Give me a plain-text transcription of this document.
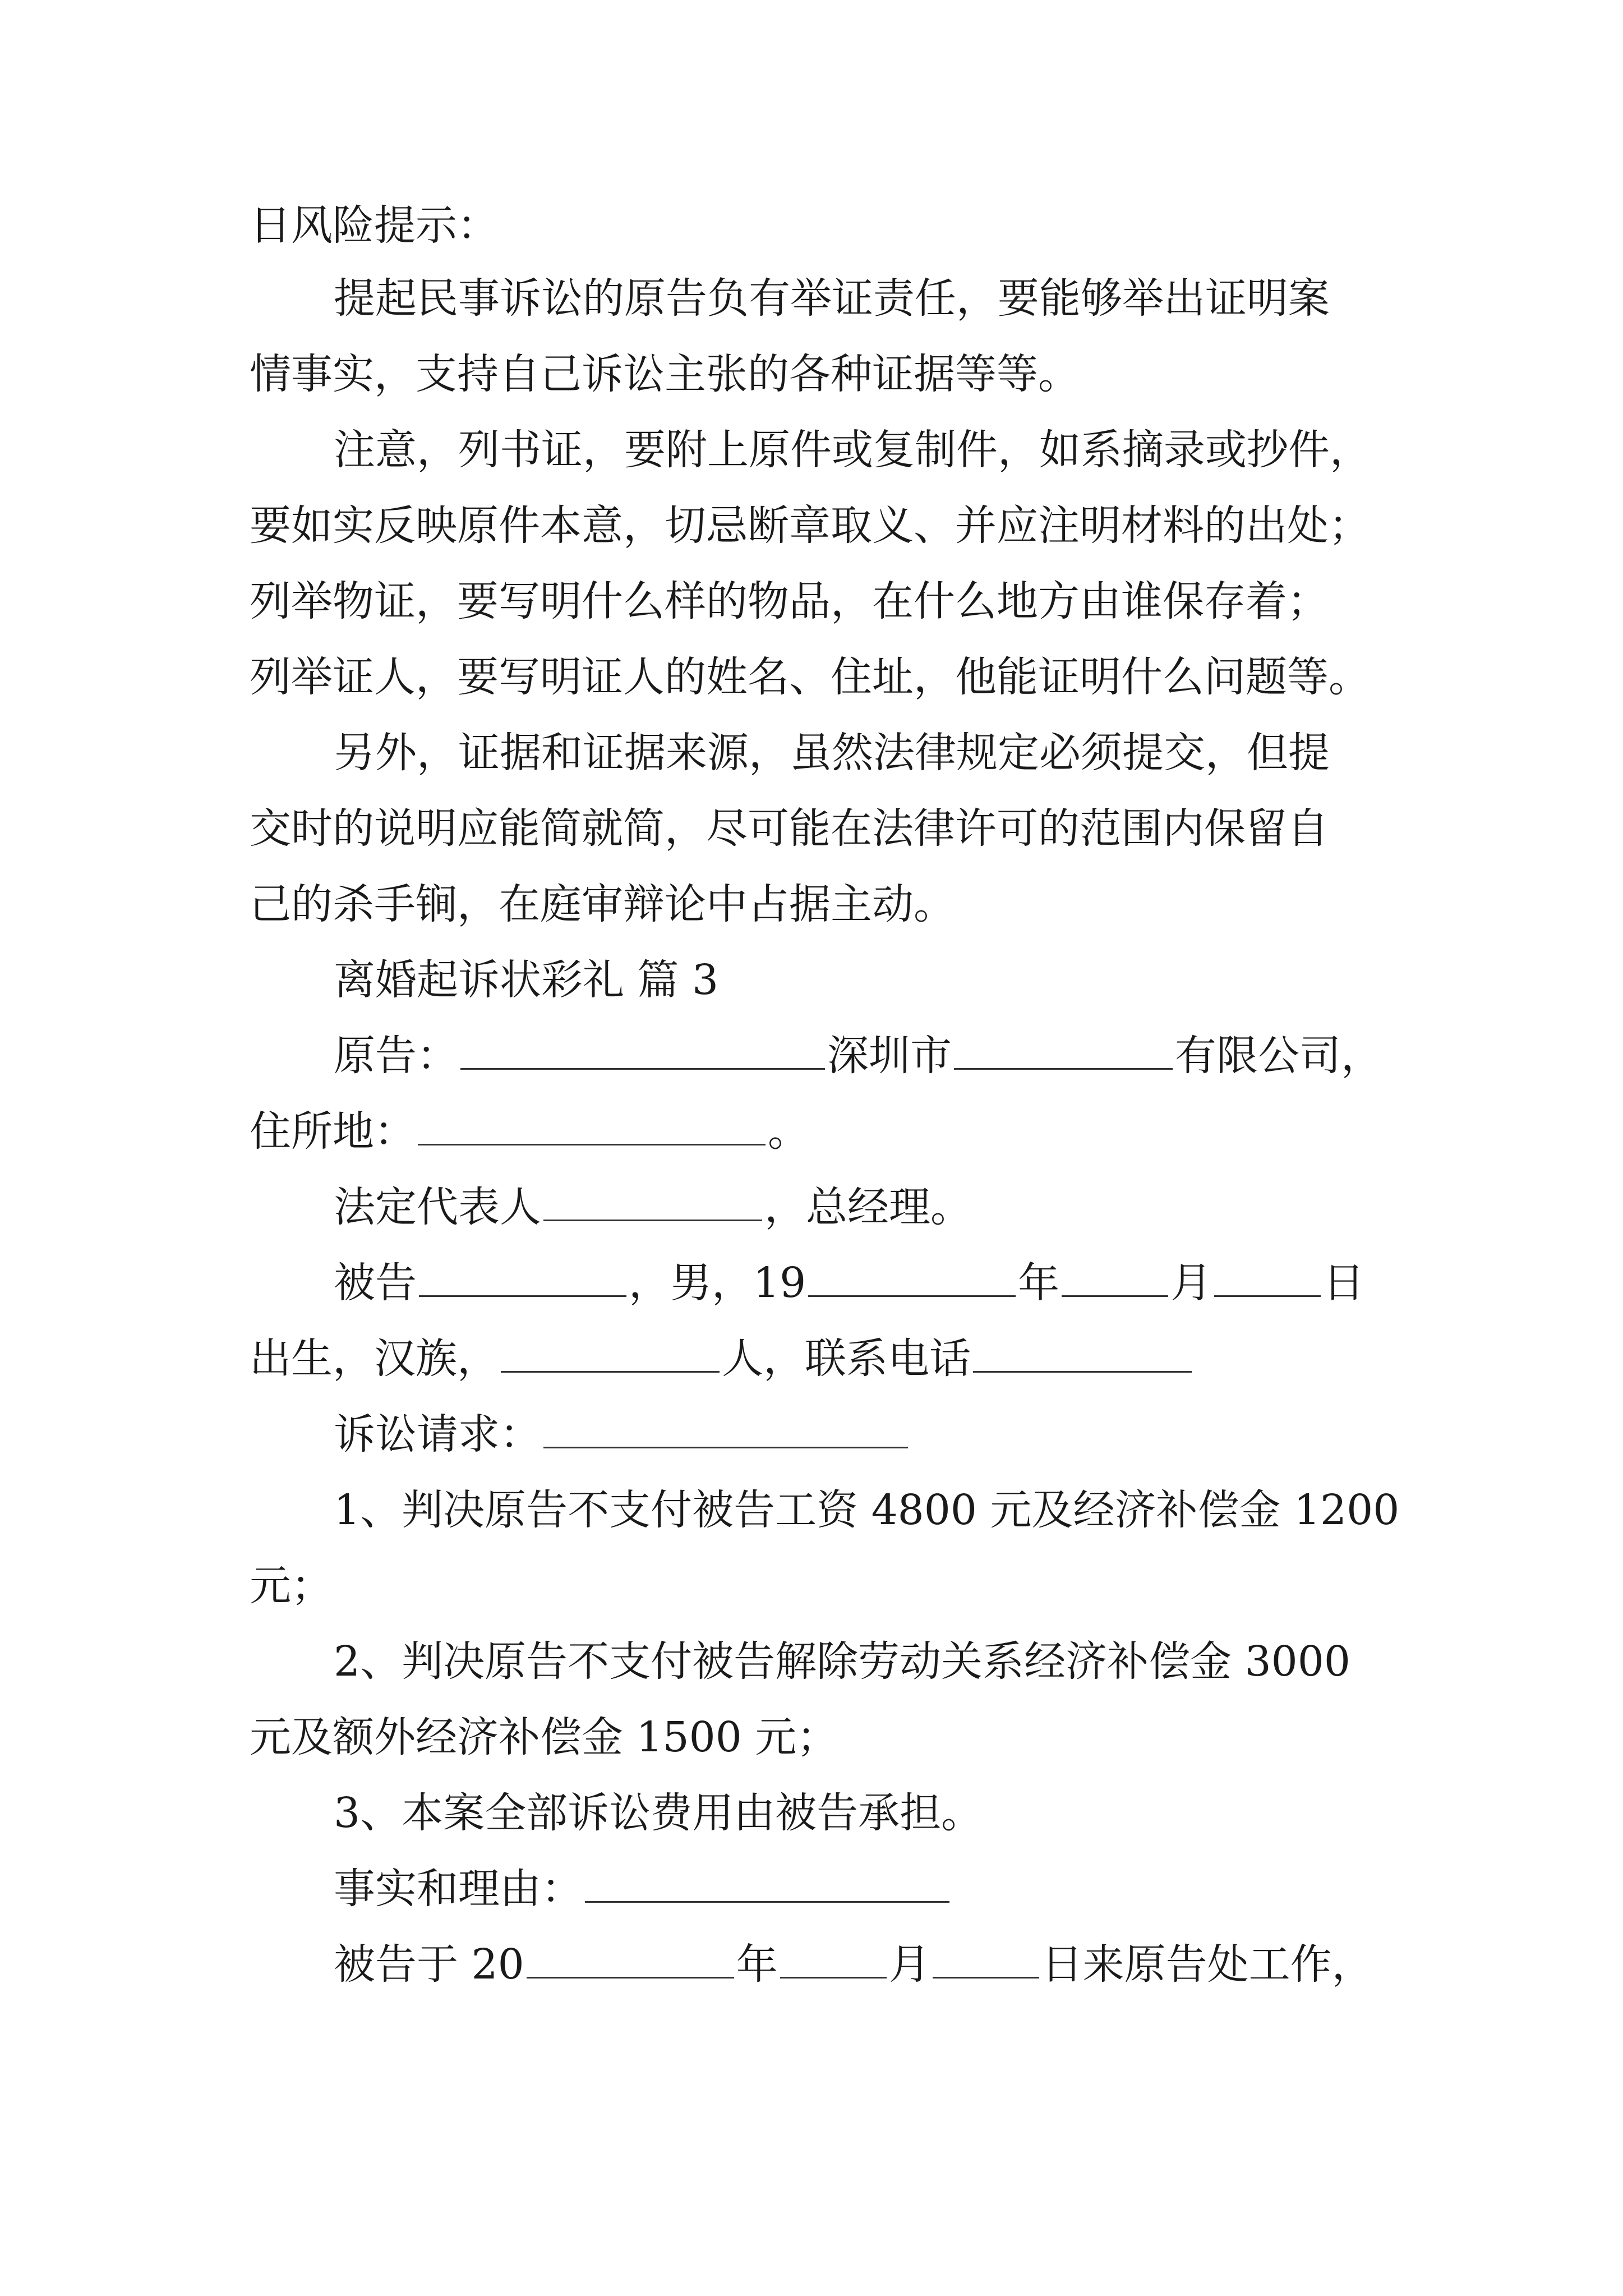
日风险提示：
提起民事诉讼的原告负有举证责任，要能够举出证明案
情事实，支持自己诉讼主张的各种证据等等。
注意，列书证，要附上原件或复制件，如系摘录或抄件，
要如实反映原件本意，切忌断章取义、并应注明材料的出处；
列举物证，要写明什么样的物品，在什么地方由谁保存着；
列举证人，要写明证人的姓名、住址，他能证明什么问题等。
另外，证据和证据来源，虽然法律规定必须提交，但提
交时的说明应能简就简，尽可能在法律许可的范围内保留自
己的杀手锏，在庭审辩论中占据主动。
离婚起诉状彩礼 篇 3
原告：	深圳市	有限公司，
住所地：	。
法定代表人	，总经理。
被告	，男，19	年	月	日
出生，汉族，	人，联系电话
诉讼请求：
1、判决原告不支付被告工资 4800 元及经济补偿金 1200
元；
2、判决原告不支付被告解除劳动关系经济补偿金 3000
元及额外经济补偿金 1500 元；
3、本案全部诉讼费用由被告承担。
事实和理由：
被告于 20	年	月	日来原告处工作，
